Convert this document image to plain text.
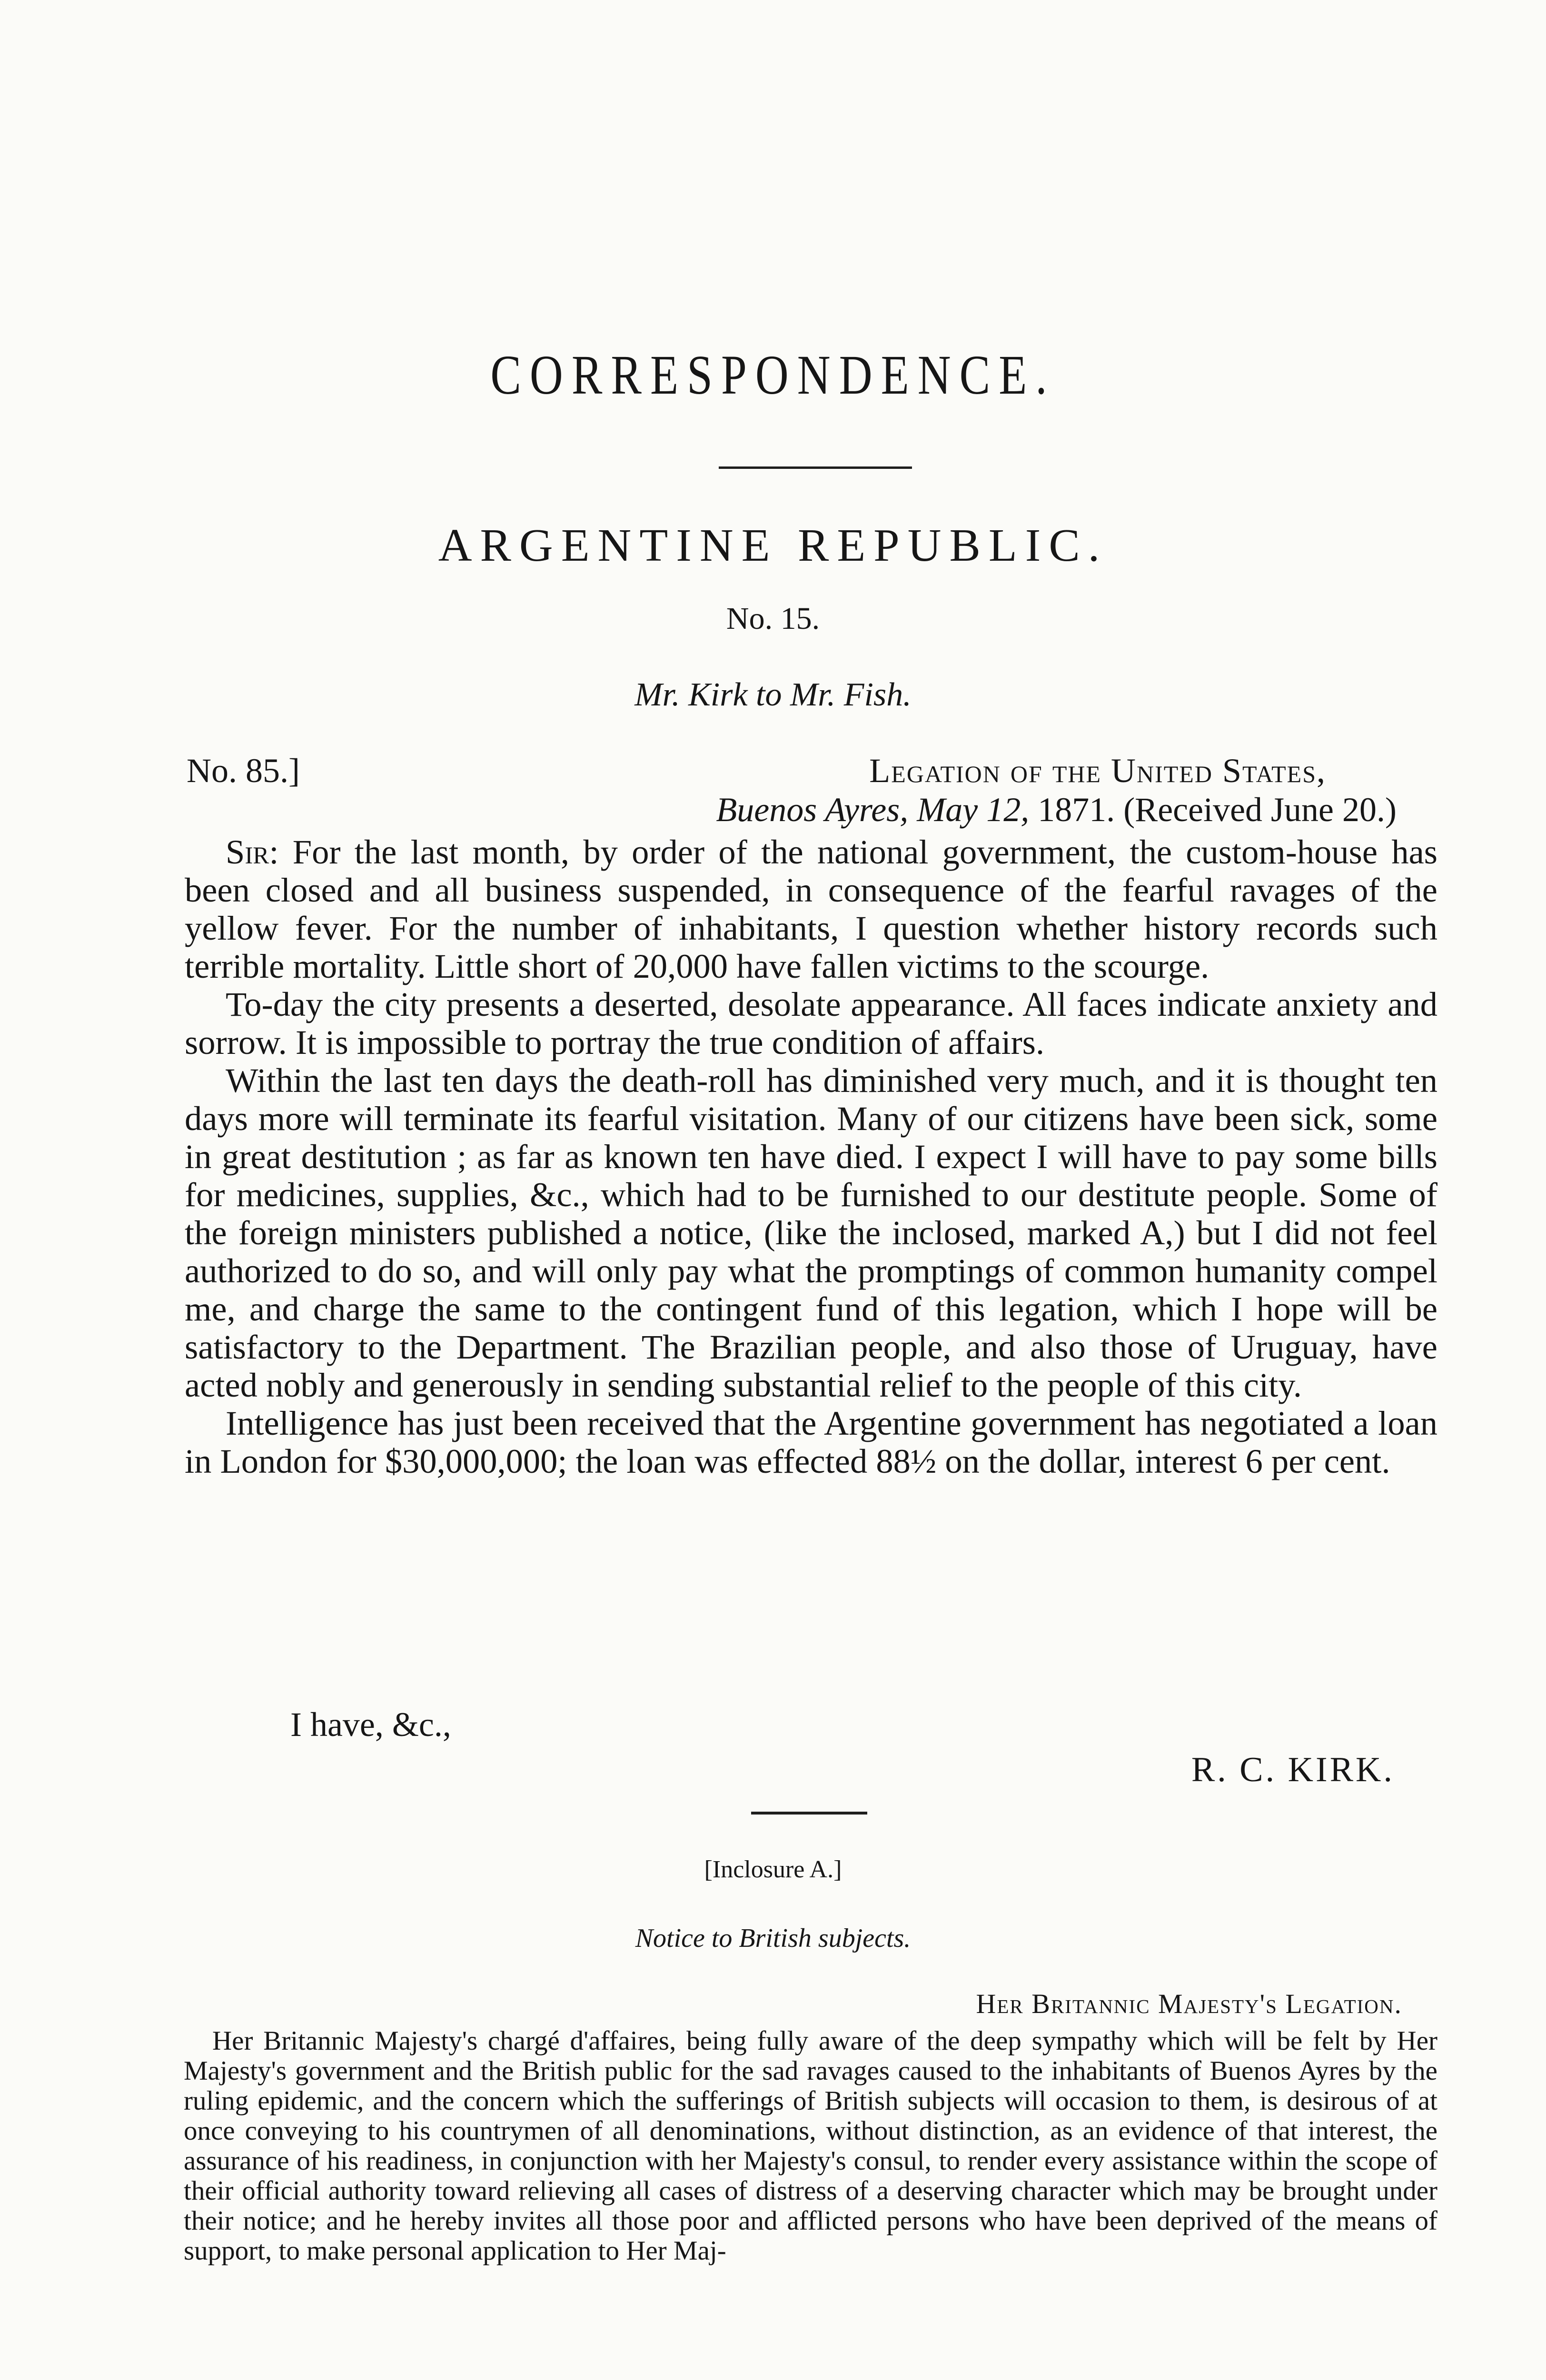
CORRESPONDENCE.
ARGENTINE REPUBLIC.
No. 15.
Mr. Kirk to Mr. Fish.
No. 85.]	Legation of the United States,
Buenos Ayres, May 12, 1871. (Received June 20.)

Sir: For the last month, by order of the national government, the custom-house has been closed and all business suspended, in consequence of the fearful ravages of the yellow fever. For the number of inhabitants, I question whether history records such terrible mortality. Little short of 20,000 have fallen victims to the scourge.

To-day the city presents a deserted, desolate appearance. All faces indicate anxiety and sorrow. It is impossible to portray the true condition of affairs.

Within the last ten days the death-roll has diminished very much, and it is thought ten days more will terminate its fearful visitation. Many of our citizens have been sick, some in great destitution ; as far as known ten have died. I expect I will have to pay some bills for medicines, supplies, &c., which had to be furnished to our destitute people. Some of the foreign ministers published a notice, (like the inclosed, marked A,) but I did not feel authorized to do so, and will only pay what the promptings of common humanity compel me, and charge the same to the contingent fund of this legation, which I hope will be satisfactory to the Department. The Brazilian people, and also those of Uruguay, have acted nobly and generously in sending substantial relief to the people of this city.

Intelligence has just been received that the Argentine government has negotiated a loan in London for $30,000,000; the loan was effected 88½ on the dollar, interest 6 per cent.

I have, &c.,
R. C. KIRK.
[Inclosure A.]
Notice to British subjects.
Her Britannic Majesty's Legation.

Her Britannic Majesty's chargé d'affaires, being fully aware of the deep sympathy which will be felt by Her Majesty's government and the British public for the sad ravages caused to the inhabitants of Buenos Ayres by the ruling epidemic, and the concern which the sufferings of British subjects will occasion to them, is desirous of at once conveying to his countrymen of all denominations, without distinction, as an evidence of that interest, the assurance of his readiness, in conjunction with her Majesty's consul, to render every assistance within the scope of their official authority toward relieving all cases of distress of a deserving character which may be brought under their notice; and he hereby invites all those poor and afflicted persons who have been deprived of the means of support, to make personal application to Her Maj-
